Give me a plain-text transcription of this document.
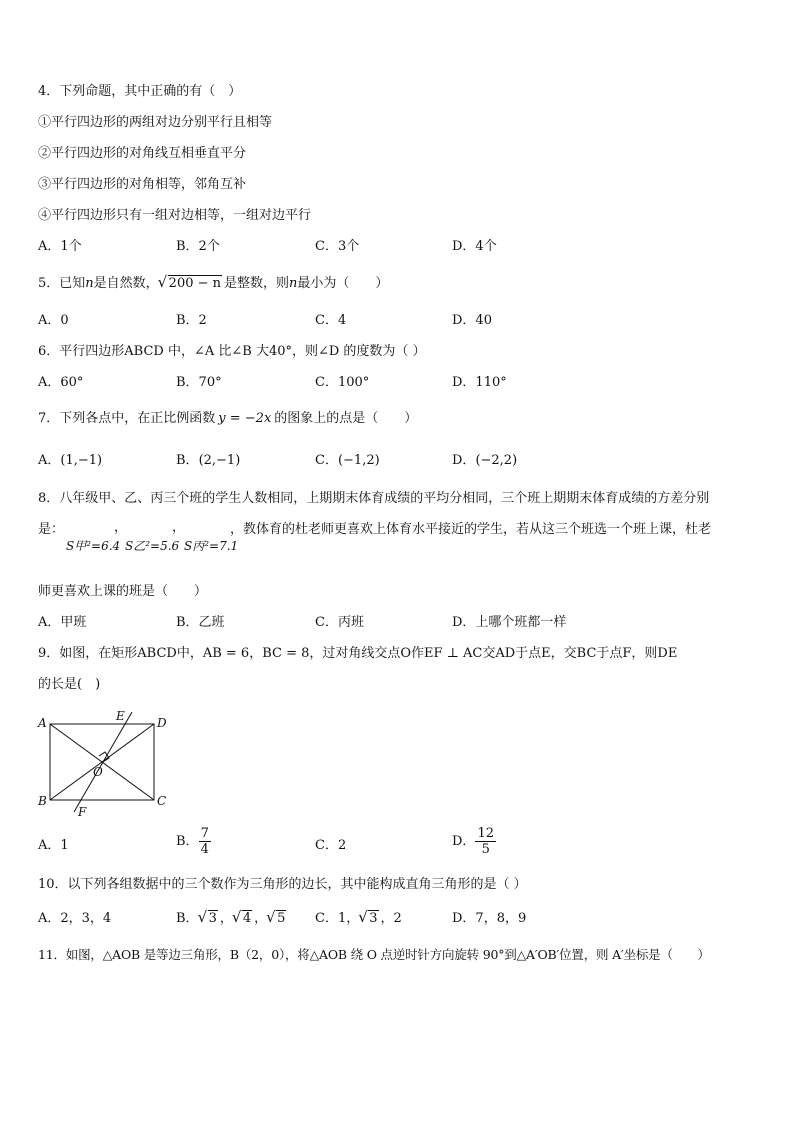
4．下列命题，其中正确的有（　）
①平行四边形的两组对边分别平行且相等
②平行四边形的对角线互相垂直平分
③平行四边形的对角相等，邻角互补
④平行四边形只有一组对边相等，一组对边平行
A．1个	B．2个	C．3个	D．4个
5．已知n是自然数， √ 200 − n 是整数，则n最小为（　　）
A．0	B．2	C．4	D．40
6．平行四边形ABCD 中，∠A 比∠B 大40°，则∠D 的度数为（ ）
A．60°	B．70°	C．100°	D．110°
7．下列各点中，在正比例函数 y = −2x 的图象上的点是（　　）
A．(1,−1)	B．(2,−1)	C．(−1,2)	D．(−2,2)
8．八年级甲、乙、丙三个班的学生人数相同，上期期末体育成绩的平均分相同，三个班上期期末体育成绩的方差分别
是：	，	，	，教体育的杜老师更喜欢上体育水平接近的学生，若从这三个班选一个班上课，杜老
S甲²=6.4 S乙²=5.6 S丙²=7.1
师更喜欢上课的班是（　　）
A．甲班	B．乙班	C．丙班	D．上哪个班都一样
9．如图，在矩形ABCD中，AB = 6，BC = 8，过对角线交点O作EF ⊥ AC交AD于点E，交BC于点F，则DE
的长是(　)
A
B	C
D
E
F
O
A．1	B． $\frac{7}{4}$	C．2	D． $\frac{12}{5}$
10．以下列各组数据中的三个数作为三角形的边长，其中能构成直角三角形的是（ ）
A．2，3，4	B． √ 3 ， √ 4 ， √ 5 C．1， √ 3 ，2	D．7，8，9
11．如图，△AOB 是等边三角形，B（2，0），将△AOB 绕 O 点逆时针方向旋转 90°到△A′OB′位置，则 A′坐标是（　　）
